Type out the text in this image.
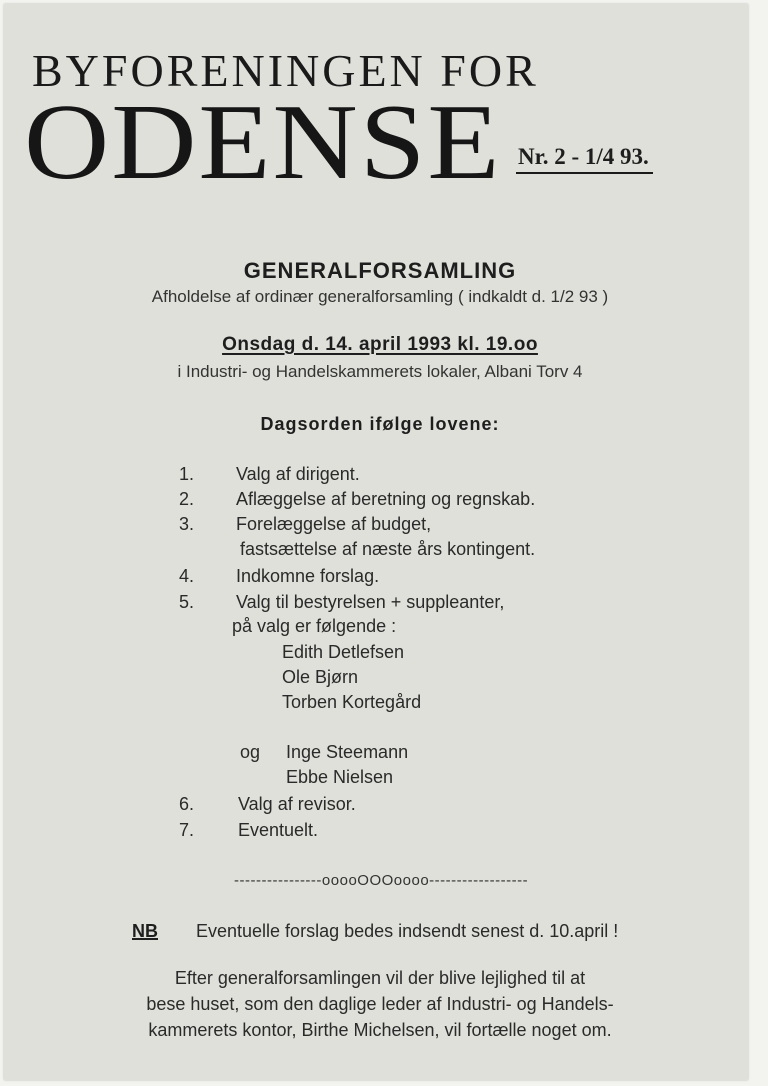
BYFORENINGEN FOR
ODENSE Nr. 2 - 1/4 93.
GENERALFORSAMLING
Afholdelse af ordinær generalforsamling ( indkaldt d. 1/2 93 )
Onsdag d. 14. april 1993 kl. 19.oo
i Industri- og Handelskammerets lokaler, Albani Torv 4
Dagsorden ifølge lovene:
1. Valg af dirigent.
2. Aflæggelse af beretning og regnskab.
3. Forelæggelse af budget,
fastsættelse af næste års kontingent.
4. Indkomne forslag.
5. Valg til bestyrelsen + suppleanter,
på valg er følgende :
Edith Detlefsen
Ole Bjørn
Torben Kortegård
og Inge Steemann
Ebbe Nielsen
6. Valg af revisor.
7. Eventuelt.
----------------ooooOOOoooo------------------
NB Eventuelle forslag bedes indsendt senest d. 10.april !
Efter generalforsamlingen vil der blive lejlighed til at
bese huset, som den daglige leder af Industri- og Handels-
kammerets kontor, Birthe Michelsen, vil fortælle noget om.
